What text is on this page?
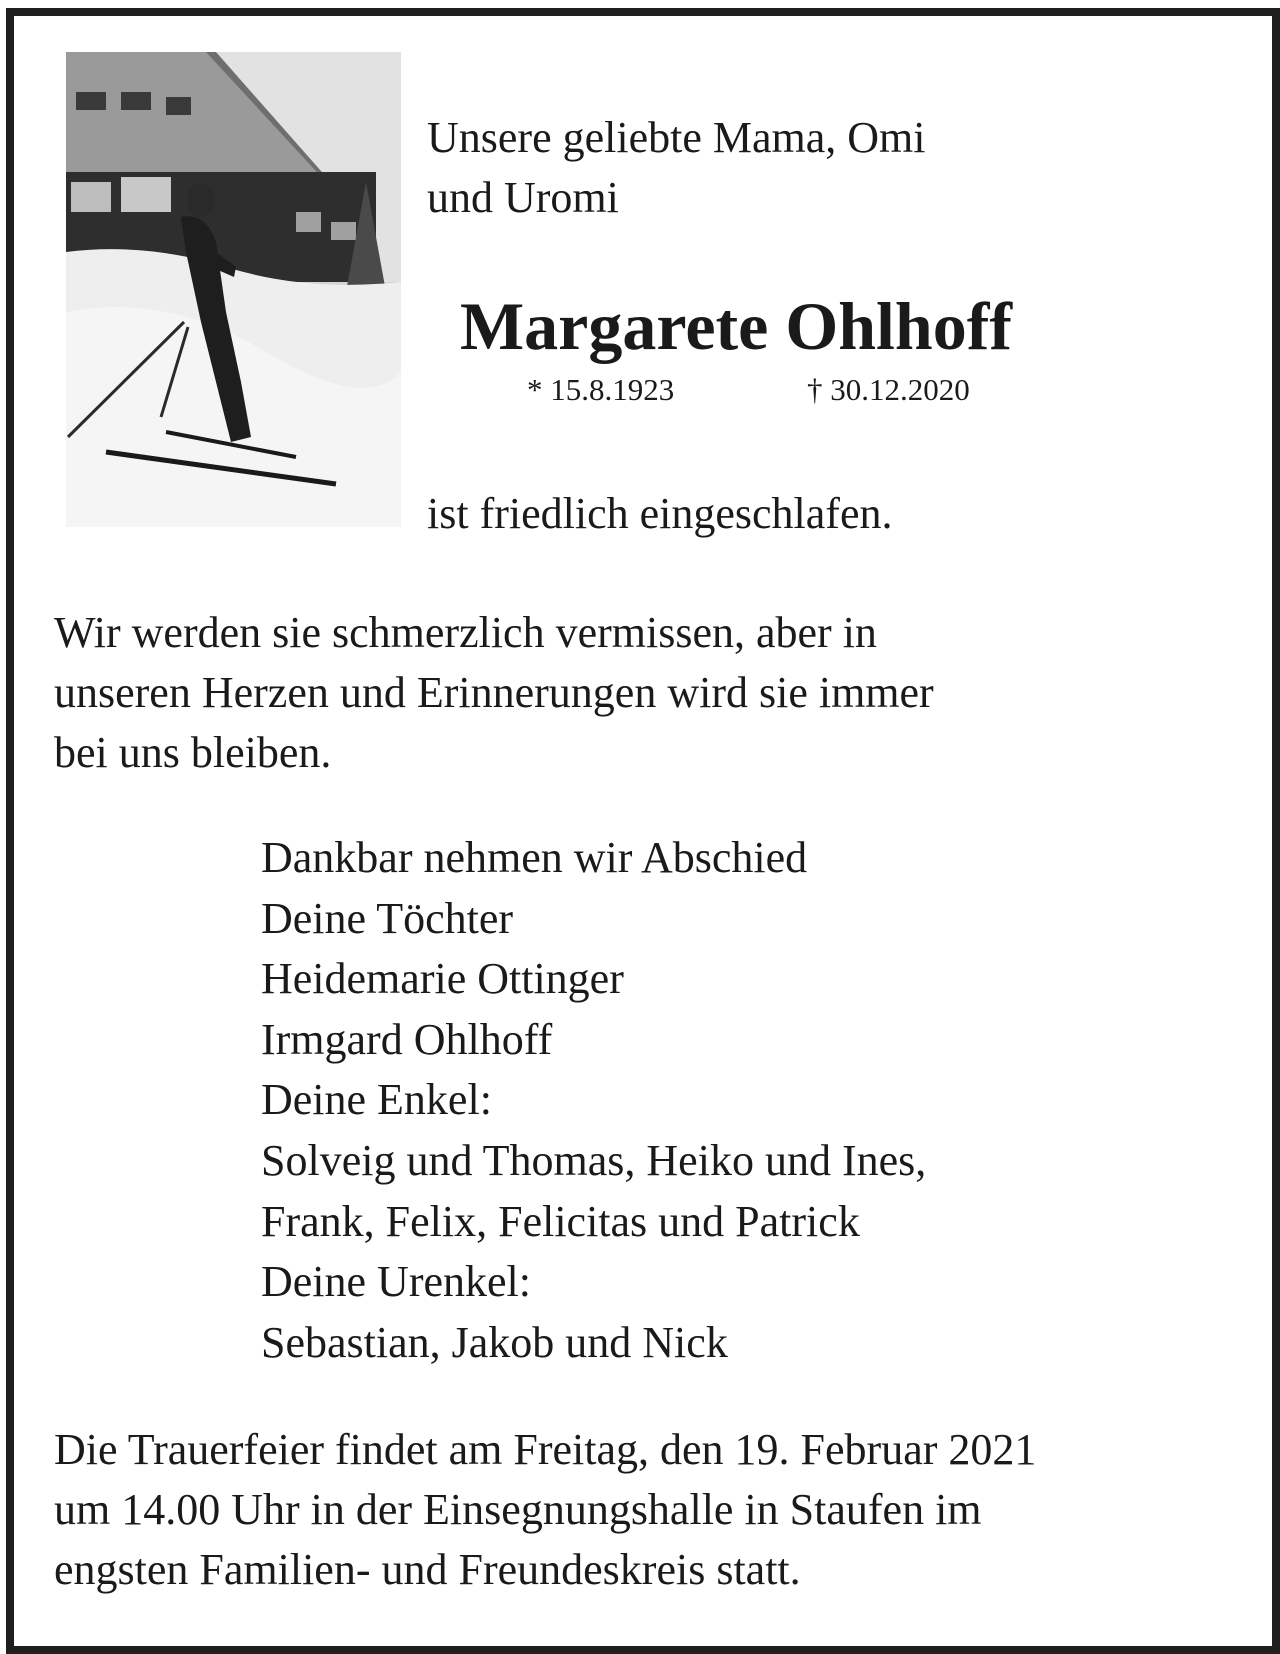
Unsere geliebte Mama, Omi
und Uromi
Margarete Ohlhoff
* 15.8.1923	† 30.12.2020
ist friedlich eingeschlafen.
Wir werden sie schmerzlich vermissen, aber in
unseren Herzen und Erinnerungen wird sie immer
bei uns bleiben.
Dankbar nehmen wir Abschied
Deine Töchter
Heidemarie Ottinger
Irmgard Ohlhoff
Deine Enkel:
Solveig und Thomas, Heiko und Ines,
Frank, Felix, Felicitas und Patrick
Deine Urenkel:
Sebastian, Jakob und Nick
Die Trauerfeier findet am Freitag, den 19. Februar 2021
um 14.00 Uhr in der Einsegnungshalle in Staufen im
engsten Familien- und Freundeskreis statt.
